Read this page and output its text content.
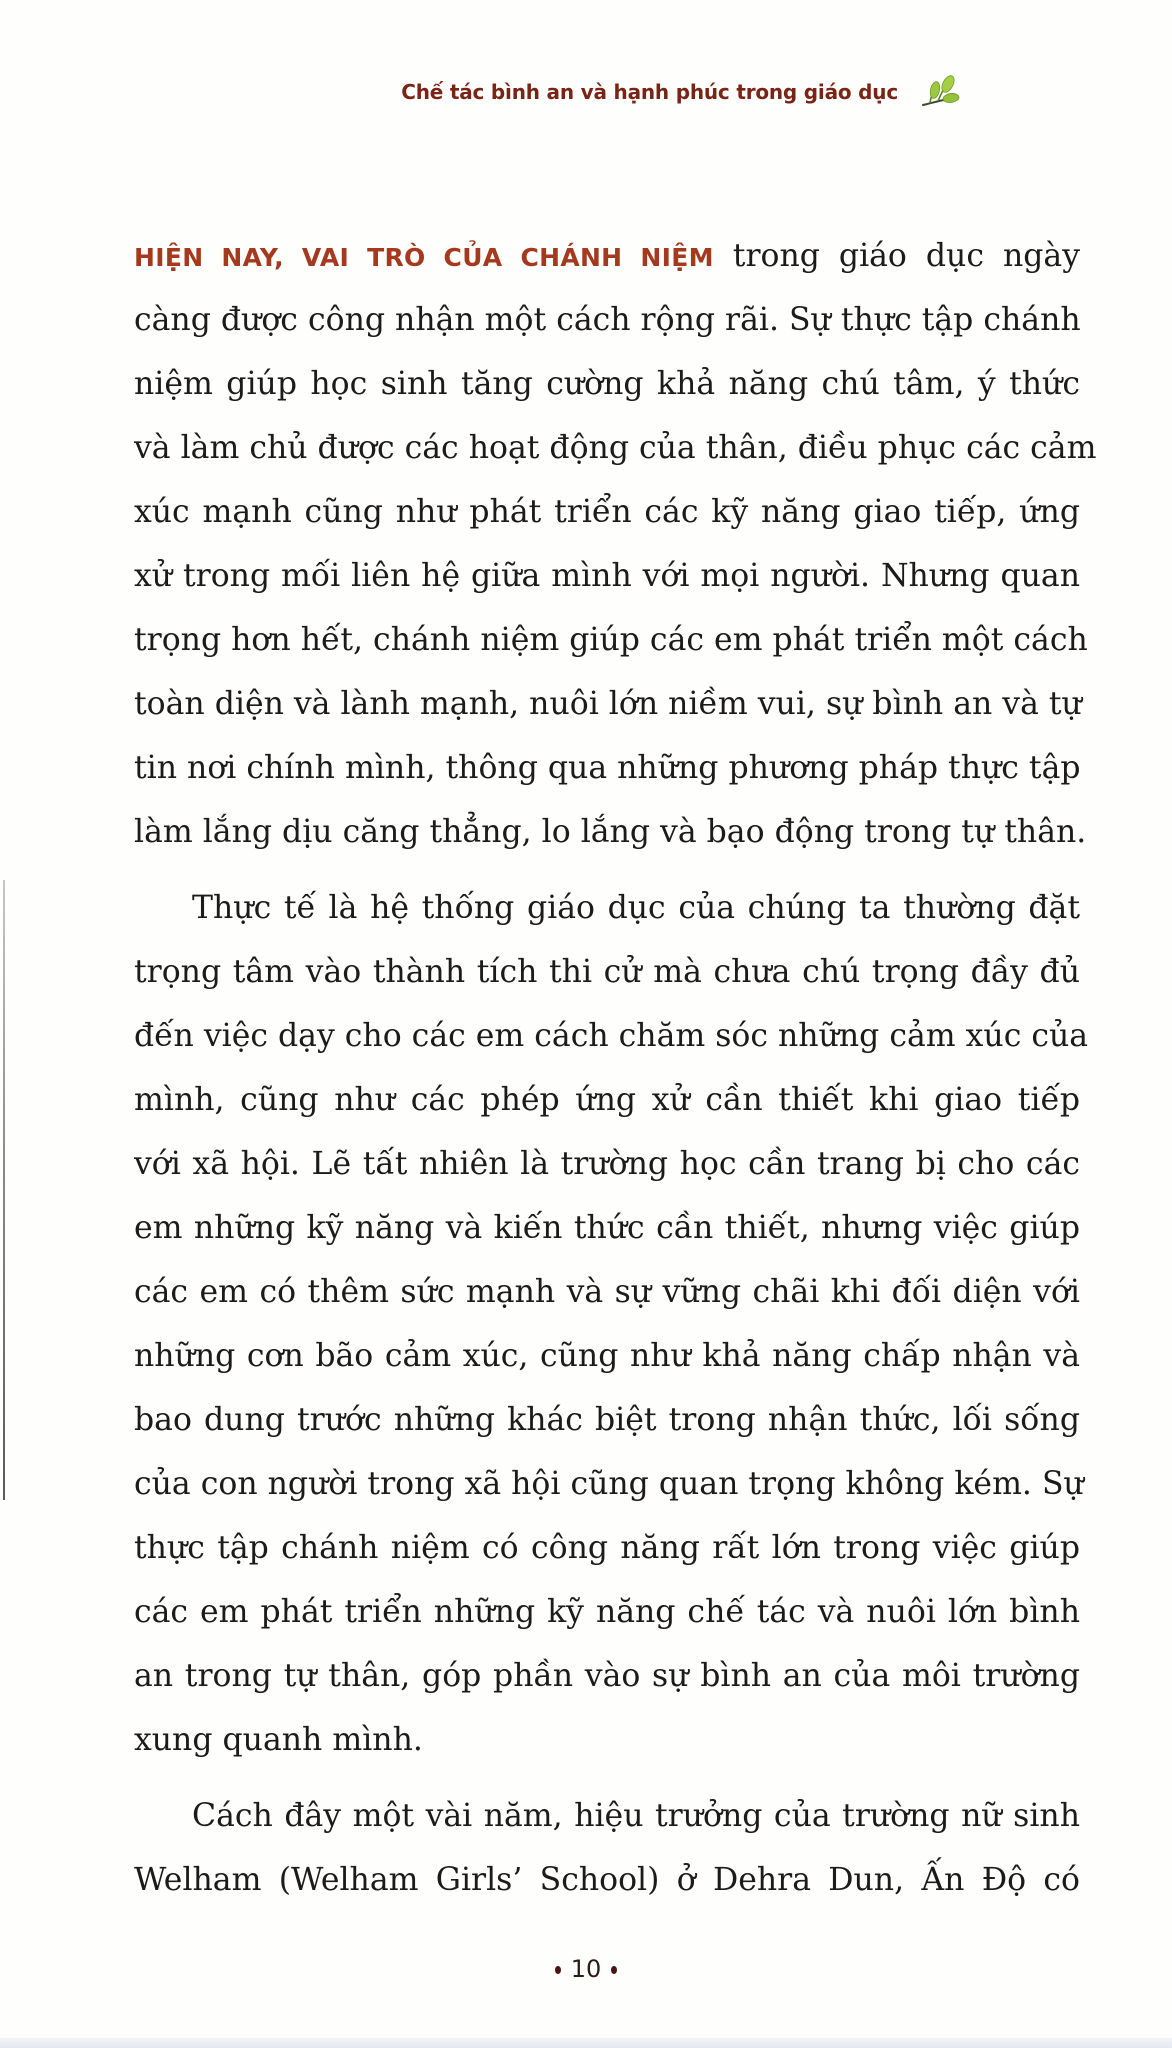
Chế tác bình an và hạnh phúc trong giáo dục
HIỆN NAY, VAI TRÒ CỦA CHÁNH NIỆM trong giáo dục ngày
càng được công nhận một cách rộng rãi. Sự thực tập chánh
niệm giúp học sinh tăng cường khả năng chú tâm, ý thức
và làm chủ được các hoạt động của thân, điều phục các cảm
xúc mạnh cũng như phát triển các kỹ năng giao tiếp, ứng
xử trong mối liên hệ giữa mình với mọi người. Nhưng quan
trọng hơn hết, chánh niệm giúp các em phát triển một cách
toàn diện và lành mạnh, nuôi lớn niềm vui, sự bình an và tự
tin nơi chính mình, thông qua những phương pháp thực tập
làm lắng dịu căng thẳng, lo lắng và bạo động trong tự thân.
Thực tế là hệ thống giáo dục của chúng ta thường đặt
trọng tâm vào thành tích thi cử mà chưa chú trọng đầy đủ
đến việc dạy cho các em cách chăm sóc những cảm xúc của
mình, cũng như các phép ứng xử cần thiết khi giao tiếp
với xã hội. Lẽ tất nhiên là trường học cần trang bị cho các
em những kỹ năng và kiến thức cần thiết, nhưng việc giúp
các em có thêm sức mạnh và sự vững chãi khi đối diện với
những cơn bão cảm xúc, cũng như khả năng chấp nhận và
bao dung trước những khác biệt trong nhận thức, lối sống
của con người trong xã hội cũng quan trọng không kém. Sự
thực tập chánh niệm có công năng rất lớn trong việc giúp
các em phát triển những kỹ năng chế tác và nuôi lớn bình
an trong tự thân, góp phần vào sự bình an của môi trường
xung quanh mình.
Cách đây một vài năm, hiệu trưởng của trường nữ sinh
Welham (Welham Girls’ School) ở Dehra Dun, Ấn Độ có
10
